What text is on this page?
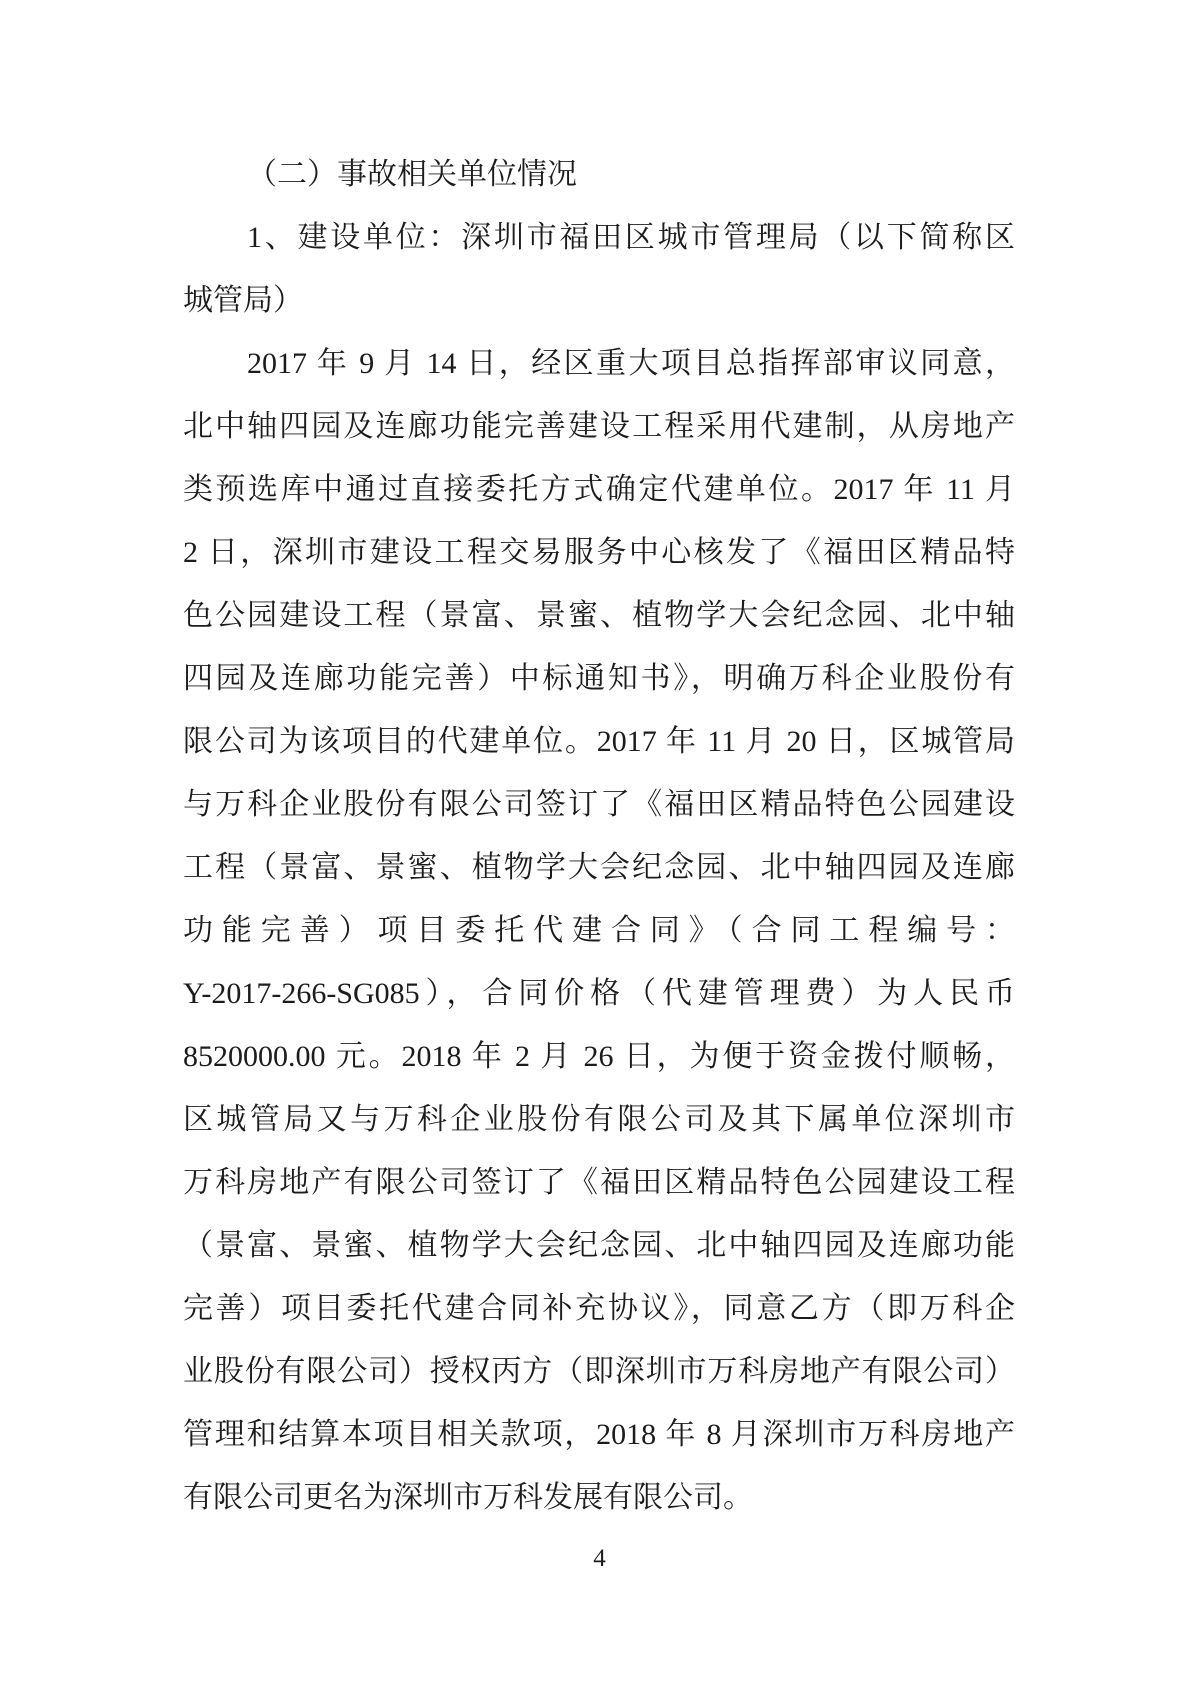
（二）事故相关单位情况
1、建设单位：深圳市福田区城市管理局（以下简称区
城管局）
2017 年 9 月 14 日，经区重大项目总指挥部审议同意，
北中轴四园及连廊功能完善建设工程采用代建制，从房地产
类预选库中通过直接委托方式确定代建单位。2017 年 11 月
2 日，深圳市建设工程交易服务中心核发了《福田区精品特
色公园建设工程（景富、景蜜、植物学大会纪念园、北中轴
四园及连廊功能完善）中标通知书》，明确万科企业股份有
限公司为该项目的代建单位。2017 年 11 月 20 日，区城管局
与万科企业股份有限公司签订了《福田区精品特色公园建设
工程（景富、景蜜、植物学大会纪念园、北中轴四园及连廊
功能完善）项目委托代建合同》（合同工程编号：
Y-2017-266-SG085），合同价格（代建管理费）为人民币
8520000.00 元。2018 年 2 月 26 日，为便于资金拨付顺畅，
区城管局又与万科企业股份有限公司及其下属单位深圳市
万科房地产有限公司签订了《福田区精品特色公园建设工程
（景富、景蜜、植物学大会纪念园、北中轴四园及连廊功能
完善）项目委托代建合同补充协议》，同意乙方（即万科企
业股份有限公司）授权丙方（即深圳市万科房地产有限公司）
管理和结算本项目相关款项，2018 年 8 月深圳市万科房地产
有限公司更名为深圳市万科发展有限公司。
4
